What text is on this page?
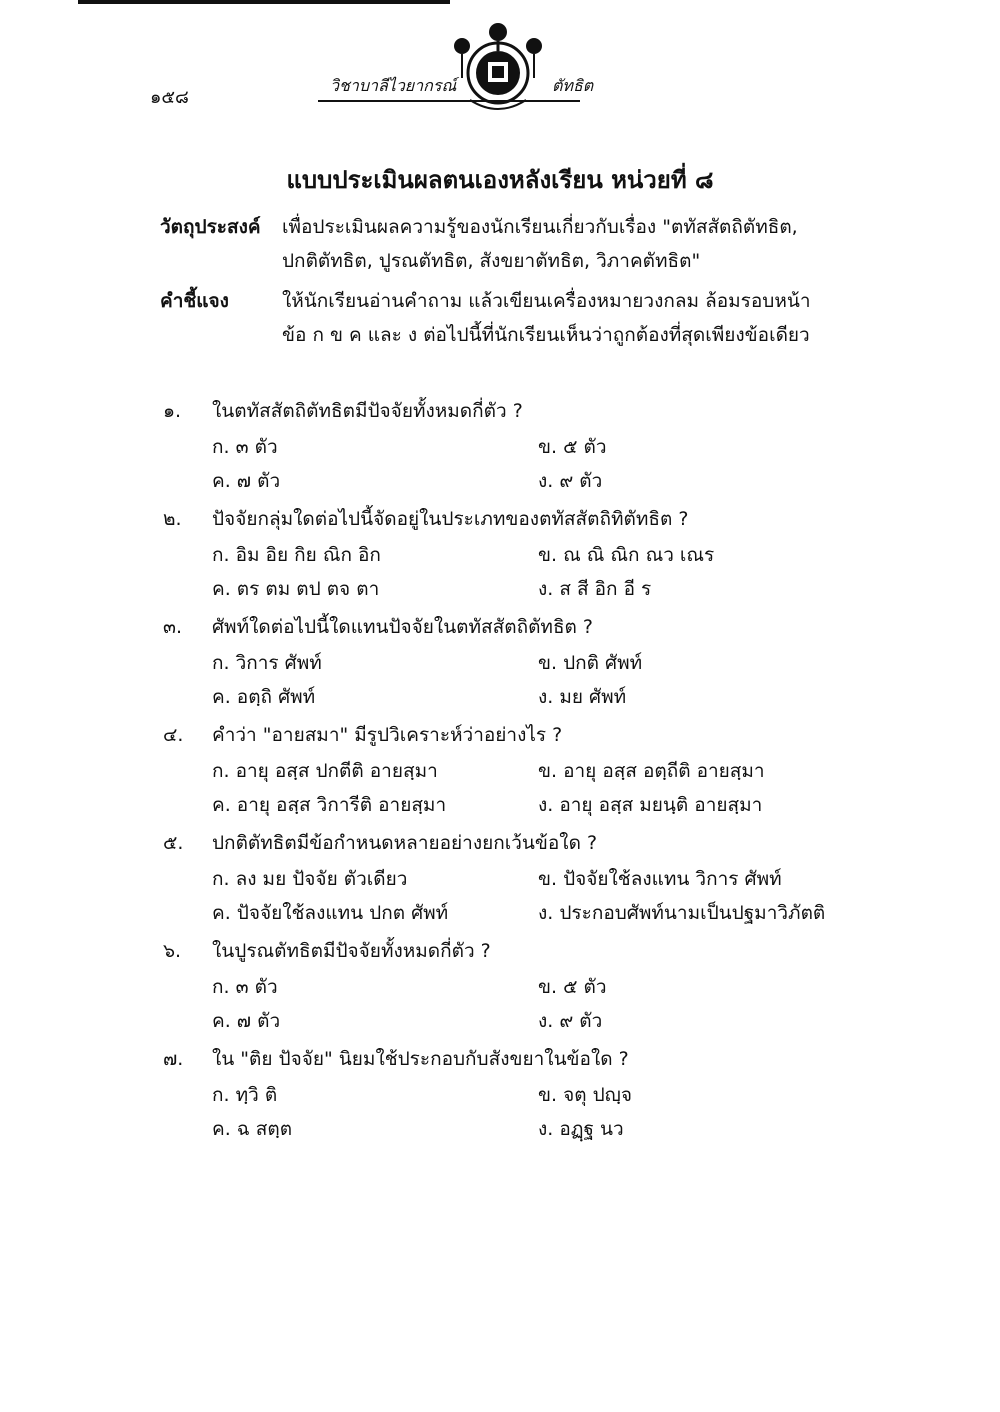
๑๕๘
วิชาบาลีไวยากรณ์	ตัทธิต
แบบประเมินผลตนเองหลังเรียน หน่วยที่ ๘
วัตถุประสงค์ เพื่อประเมินผลความรู้ของนักเรียนเกี่ยวกับเรื่อง "ตทัสสัตถิตัทธิต,
ปกติตัทธิต, ปูรณตัทธิต, สังขยาตัทธิต, วิภาคตัทธิต"
คำชี้แจง	ให้นักเรียนอ่านคำถาม แล้วเขียนเครื่องหมายวงกลม ล้อมรอบหน้า
ข้อ ก ข ค และ ง ต่อไปนี้ที่นักเรียนเห็นว่าถูกต้องที่สุดเพียงข้อเดียว
๑. ในตทัสสัตถิตัทธิตมีปัจจัยทั้งหมดกี่ตัว ?
ก. ๓ ตัว	ข. ๕ ตัว
ค. ๗ ตัว	ง. ๙ ตัว
๒. ปัจจัยกลุ่มใดต่อไปนี้จัดอยู่ในประเภทของตทัสสัตถิทิตัทธิต ?
ก. อิม อิย กิย ณิก อิก	ข. ณ ณิ ณิก ณว เณร
ค. ตร ตม ตป ตจ ตา	ง. ส สี อิก อี ร
๓. ศัพท์ใดต่อไปนี้ใดแทนปัจจัยในตทัสสัตถิตัทธิต ?
ก. วิการ ศัพท์	ข. ปกติ ศัพท์
ค. อตฺถิ ศัพท์	ง. มย ศัพท์
๔. คำว่า "อายสมา" มีรูปวิเคราะห์ว่าอย่างไร ?
ก. อายุ อสฺส ปกตีติ อายสฺมา	ข. อายุ อสฺส อตฺถีติ อายสฺมา
ค. อายุ อสฺส วิการีติ อายสฺมา	ง. อายุ อสฺส มยนฺติ อายสฺมา
๕. ปกติตัทธิตมีข้อกำหนดหลายอย่างยกเว้นข้อใด ?
ก. ลง มย ปัจจัย ตัวเดียว	ข. ปัจจัยใช้ลงแทน วิการ ศัพท์
ค. ปัจจัยใช้ลงแทน ปกต ศัพท์	ง. ประกอบศัพท์นามเป็นปฐมาวิภัตติ
๖. ในปูรณตัทธิตมีปัจจัยทั้งหมดกี่ตัว ?
ก. ๓ ตัว	ข. ๕ ตัว
ค. ๗ ตัว	ง. ๙ ตัว
๗. ใน "ติย ปัจจัย" นิยมใช้ประกอบกับสังขยาในข้อใด ?
ก. ทฺวิ ติ	ข. จตุ ปญฺจ
ค. ฉ สตฺต	ง. อฏฺฐ นว
